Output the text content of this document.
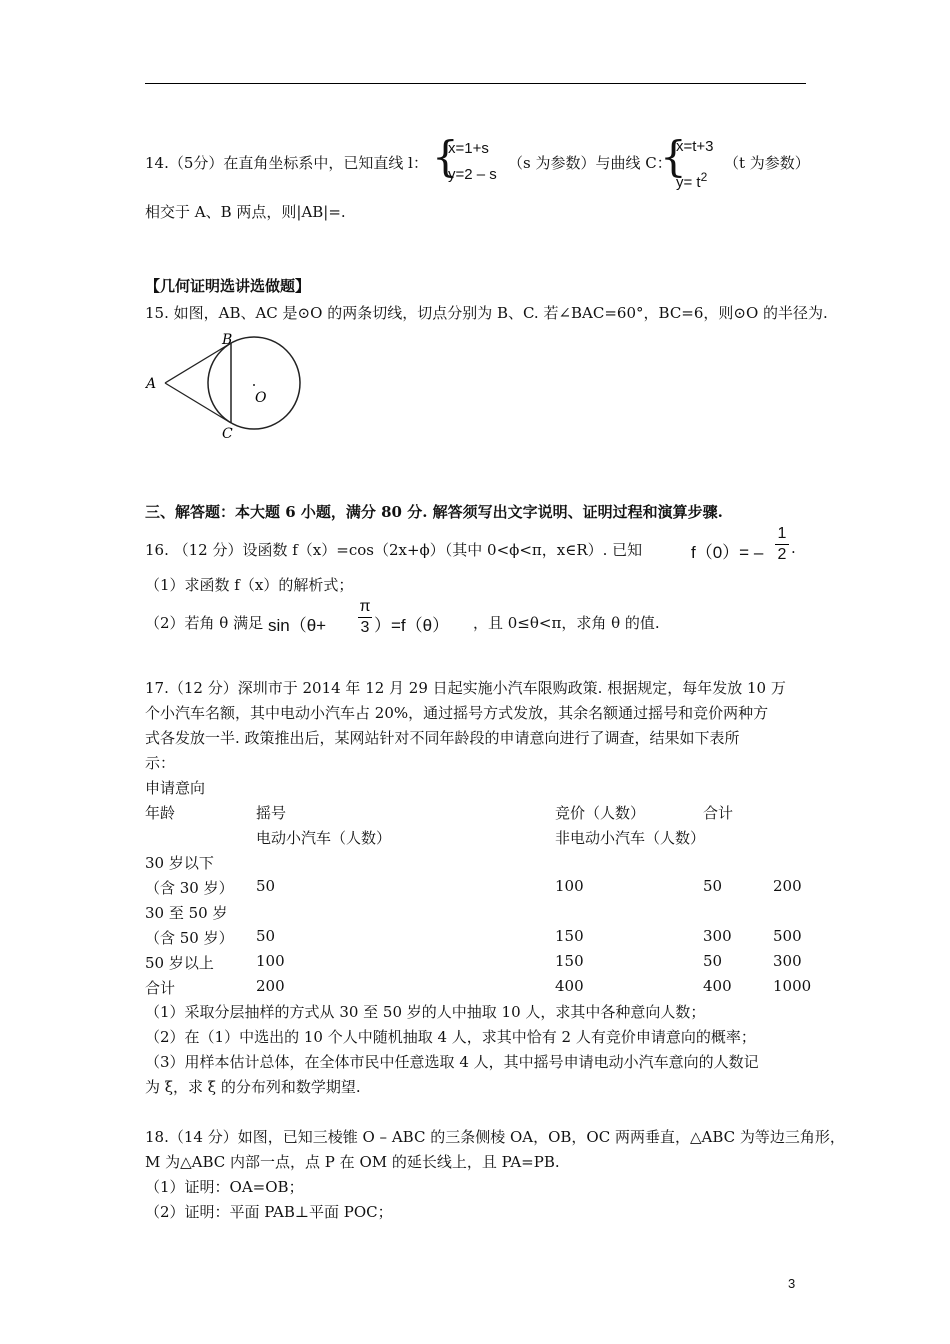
14.（5分）在直角坐标系中，已知直线 l： {
x=1+s
y=2 – s
（s 为参数）与曲线 C：
{
x=t+3
$y= t^2$
（t 为参数）
相交于 A、B 两点，则|AB|=.
【几何证明选讲选做题】
15. 如图，AB、AC 是⊙O 的两条切线，切点分别为 B、C. 若∠BAC=60°，BC=6，则⊙O 的半径为.
A
B
C
O
三、解答题：本大题 6 小题，满分 80 分. 解答须写出文字说明、证明过程和演算步骤.
16. （12 分）设函数 f（x）=cos（2x+ϕ）（其中 0<ϕ<π，x∈R）. 已知	f（0）= –
1
2 .
（1）求函数 f（x）的解析式；
（2）若角 θ 满足 sin（θ+
π
3 ）=f（θ） ，且 0≤θ<π，求角 θ 的值.
17.（12 分）深圳市于 2014 年 12 月 29 日起实施小汽车限购政策. 根据规定，每年发放 10 万
个小汽车名额，其中电动小汽车占 20%，通过摇号方式发放，其余名额通过摇号和竞价两种方
式各发放一半. 政策推出后，某网站针对不同年龄段的申请意向进行了调查，结果如下表所
示：
申请意向
年龄	摇号	竞价（人数）	合计
电动小汽车（人数）	非电动小汽车（人数）
30 岁以下
（含 30 岁） 50	100	50	200
30 至 50 岁
（含 50 岁） 50	150	300	500
50 岁以上	100	150	50	300
合计	200	400	400	1000
（1）采取分层抽样的方式从 30 至 50 岁的人中抽取 10 人，求其中各种意向人数；
（2）在（1）中选出的 10 个人中随机抽取 4 人，求其中恰有 2 人有竞价申请意向的概率；
（3）用样本估计总体，在全体市民中任意选取 4 人，其中摇号申请电动小汽车意向的人数记
为 ξ，求 ξ 的分布列和数学期望.
18.（14 分）如图，已知三棱锥 O – ABC 的三条侧棱 OA，OB，OC 两两垂直，△ABC 为等边三角形，
M 为△ABC 内部一点，点 P 在 OM 的延长线上，且 PA=PB.
（1）证明：OA=OB；
（2）证明：平面 PAB⊥平面 POC；
3
